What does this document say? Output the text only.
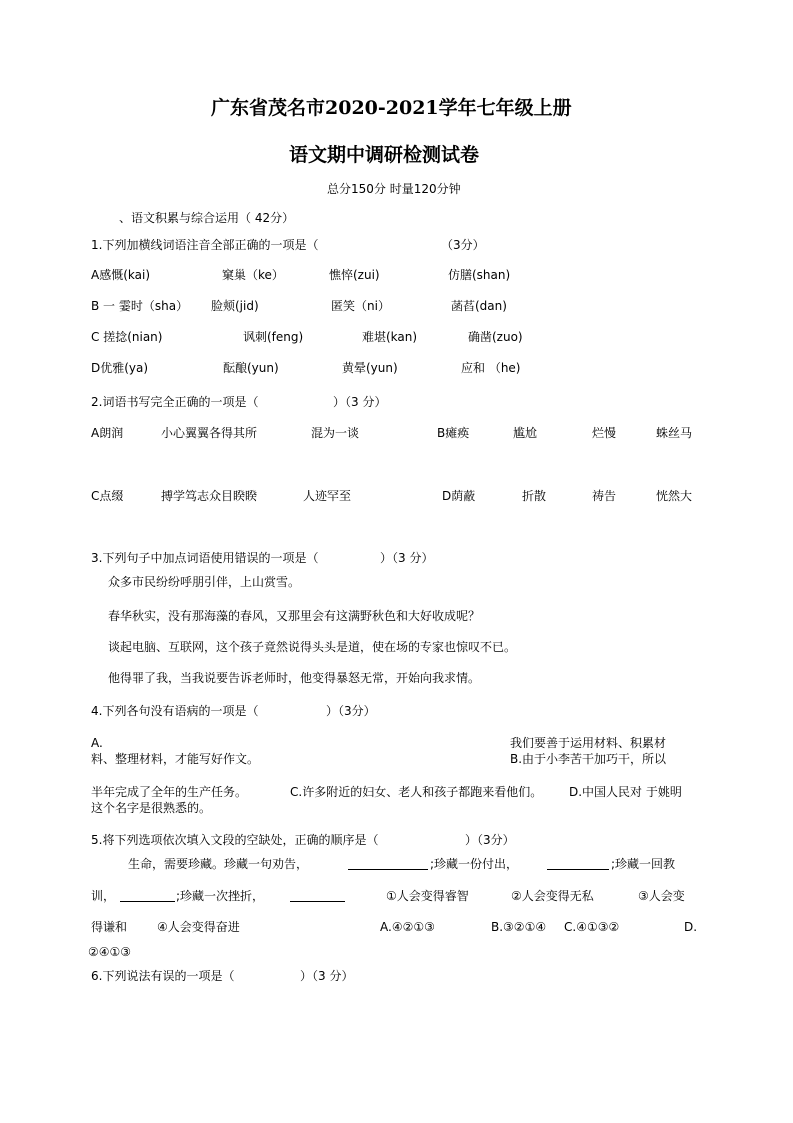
广东省茂名市2020-2021学年七年级上册
语文期中调研检测试卷
总分150分 时量120分钟
、语文积累与综合运用（ 42分）
1.下列加横线词语注音全部正确的一项是（	（3分）
A感慨(kai)	窠巢（ke）	憔悴(zui)	仿膳(shan)
B 一 霎时（sha） 脸颊(jid)	匿笑（ni）	菡萏(dan)
C 搓捻(nian)	讽刺(feng)	难堪(kan)	确凿(zuo)
D优雅(ya)	酝酿(yun)	黄晕(yun)	应和 （he)
2.词语书写完全正确的一项是（	）（3 分）
A朗润	小心翼翼各得其所	混为一谈	B瘫痪	尴尬	烂慢	蛛丝马
C点缀	搏学笃志众目睽睽	人迹罕至	D荫蔽	折散	祷告	恍然大
3.下列句子中加点词语使用错误的一项是（	）（3 分）
众多市民纷纷呼朋引伴，上山赏雪。
春华秋实，没有那海藻的春风，又那里会有这满野秋色和大好收成呢？
谈起电脑、互联网，这个孩子竟然说得头头是道，使在场的专家也惊叹不已。
他得罪了我，当我说要告诉老师时，他变得暴怒无常，开始向我求情。
4.下列各句没有语病的一项是（	）（3分）
A.	我们要善于运用材料、积累材
料、整理材料，才能写好作文。	B.由于小李苦干加巧干，所以
半年完成了全年的生产任务。	C.许多附近的妇女、老人和孩子都跑来看他们。 D.中国人民对 于姚明
这个名字是很熟悉的。
5.将下列选项依次填入文段的空缺处，正确的顺序是（	）（3分）
生命，需要珍藏。珍藏一句劝告，	;珍藏一份付出，	;珍藏一回教
训，	;珍藏一次挫折，	①人会变得睿智	②人会变得无私	③人会变
得谦和 ④人会变得奋进	A.④②①③	B.③②①④ C.④①③②	D.
②④①③
6.下列说法有误的一项是（	）（3 分）
